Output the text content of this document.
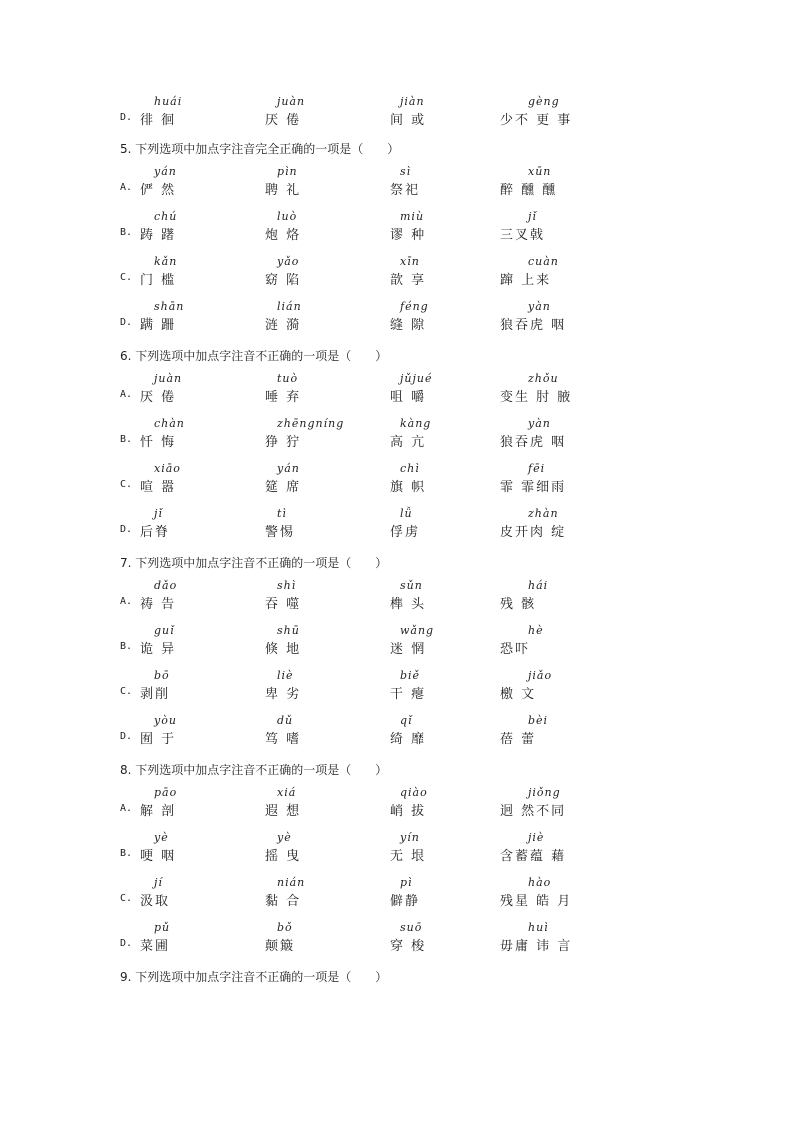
D.
huái
徘 徊
juàn
厌 倦
jiàn
间 或
gèng
少不 更 事
5. 下列选项中加点字注音完全正确的一项是（　　）
A.
yán
俨 然
pìn
聘 礼
sì
祭祀
xūn
醉 醺 醺
B.
chú
踌 躇
luò
炮 烙
miù
谬 种
jǐ
三叉戟
C.
kǎn
门 槛
yǎo
窈 陷
xīn
歆 享
cuàn
蹿 上来
D.
shān
蹒 跚
lián
涟 漪
féng
缝 隙
yàn
狼吞虎 咽
6. 下列选项中加点字注音不正确的一项是（　　）
A.
juàn
厌 倦
tuò
唾 弃
jǔjué
咀 嚼
zhǒu
变生 肘 腋
B.
chàn
忏 悔
zhēngníng
狰 狞
kàng
高 亢
yàn
狼吞虎 咽
C.
xiāo
喧 嚣
yán
筵 席
chì
旗 帜
fēi
霏 霏细雨
D.
jǐ
后脊
tì
警惕
lǚ
俘虏
zhàn
皮开肉 绽
7. 下列选项中加点字注音不正确的一项是（　　）
A.
dǎo
祷 告
shì
吞 噬
sǔn
榫 头
hái
残 骸
B.
guǐ
诡 异
shū
倏 地
wǎng
迷 惘
hè
恐吓
C.
bō
剥削
liè
卑 劣
biě
干 瘪
jiǎo
檄 文
D.
yòu
囿 于
dǔ
笃 嗜
qǐ
绮 靡
bèi
蓓 蕾
8. 下列选项中加点字注音不正确的一项是（　　）
A.
pāo
解 剖
xiá
遐 想
qiào
峭 拔
jiǒng
迥 然不同
B.
yè
哽 咽
yè
摇 曳
yín
无 垠
jiè
含蓄蕴 藉
C.
jí
汲取
nián
黏 合
pì
僻静
hào
残星 皓 月
D.
pǔ
菜圃
bǒ
颠簸
suō
穿 梭
huì
毋庸 讳 言
9. 下列选项中加点字注音不正确的一项是（　　）
